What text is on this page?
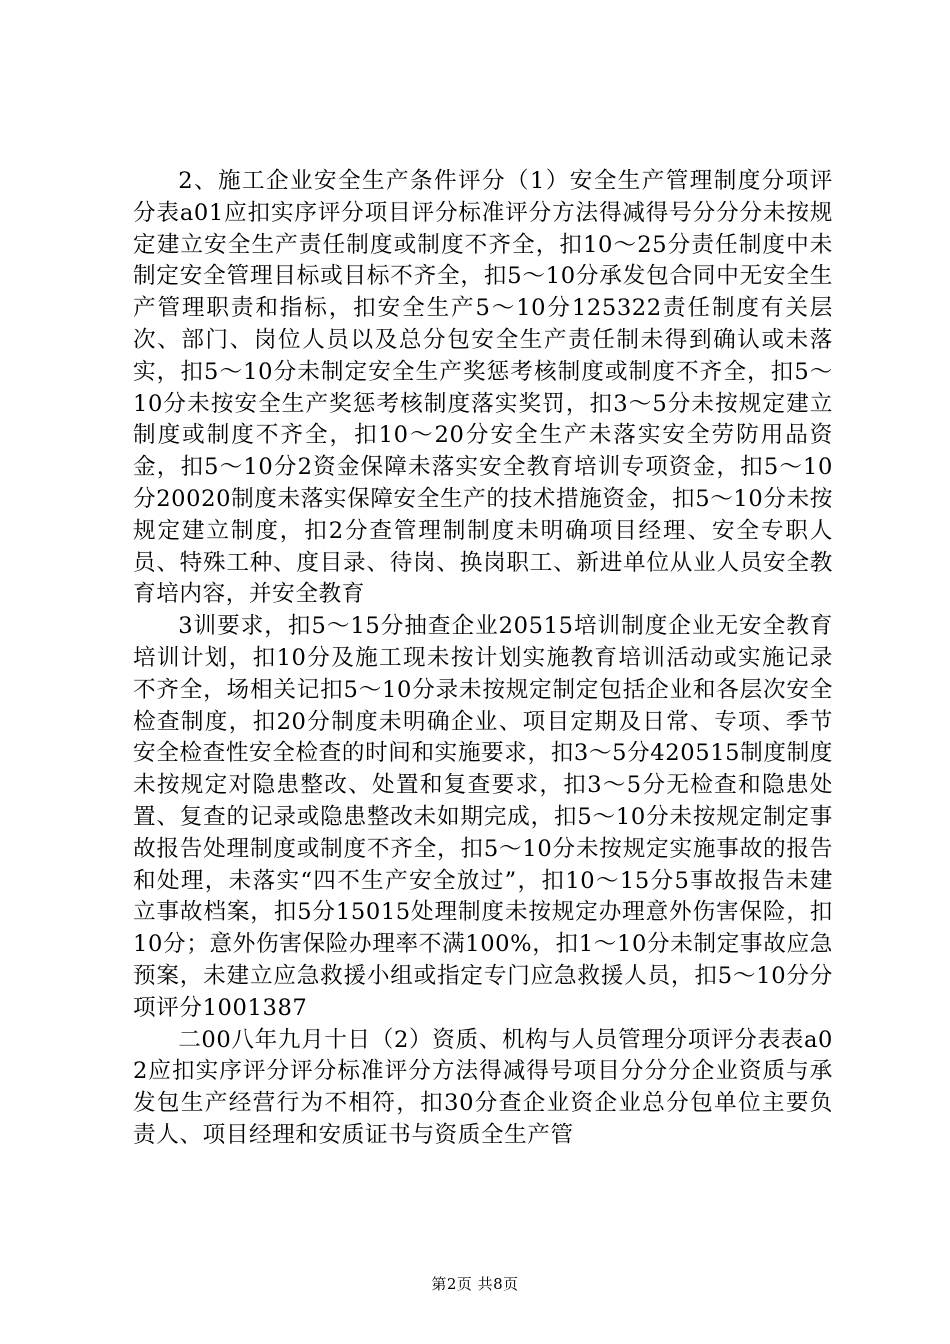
2、施工企业安全生产条件评分（1）安全生产管理制度分项评分表a01应扣实序评分项目评分标准评分方法得减得号分分分未按规定建立安全生产责任制度或制度不齐全，扣10～25分责任制度中未制定安全管理目标或目标不齐全，扣5～10分承发包合同中无安全生产管理职责和指标，扣安全生产5～10分125322责任制度有关层次、部门、岗位人员以及总分包安全生产责任制未得到确认或未落实，扣5～10分未制定安全生产奖惩考核制度或制度不齐全，扣5～10分未按安全生产奖惩考核制度落实奖罚，扣3～5分未按规定建立制度或制度不齐全，扣10～20分安全生产未落实安全劳防用品资金，扣5～10分2资金保障未落实安全教育培训专项资金，扣5～10分20020制度未落实保障安全生产的技术措施资金，扣5～10分未按规定建立制度，扣2分查管理制制度未明确项目经理、安全专职人员、特殊工种、度目录、待岗、换岗职工、新进单位从业人员安全教育培内容，并安全教育

3训要求，扣5～15分抽查企业20515培训制度企业无安全教育培训计划，扣10分及施工现未按计划实施教育培训活动或实施记录不齐全，场相关记扣5～10分录未按规定制定包括企业和各层次安全检查制度，扣20分制度未明确企业、项目定期及日常、专项、季节安全检查性安全检查的时间和实施要求，扣3～5分420515制度制度未按规定对隐患整改、处置和复查要求，扣3～5分无检查和隐患处置、复查的记录或隐患整改未如期完成，扣5～10分未按规定制定事故报告处理制度或制度不齐全，扣5～10分未按规定实施事故的报告和处理，未落实“四不生产安全放过”，扣10～15分5事故报告未建立事故档案，扣5分15015处理制度未按规定办理意外伤害保险，扣10分；意外伤害保险办理率不满100%，扣1～10分未制定事故应急预案，未建立应急救援小组或指定专门应急救援人员，扣5～10分分项评分1001387

二00八年九月十日（2）资质、机构与人员管理分项评分表表a02应扣实序评分评分标准评分方法得减得号项目分分分企业资质与承发包生产经营行为不相符，扣30分查企业资企业总分包单位主要负责人、项目经理和安质证书与资质全生产管

第2页 共8页
